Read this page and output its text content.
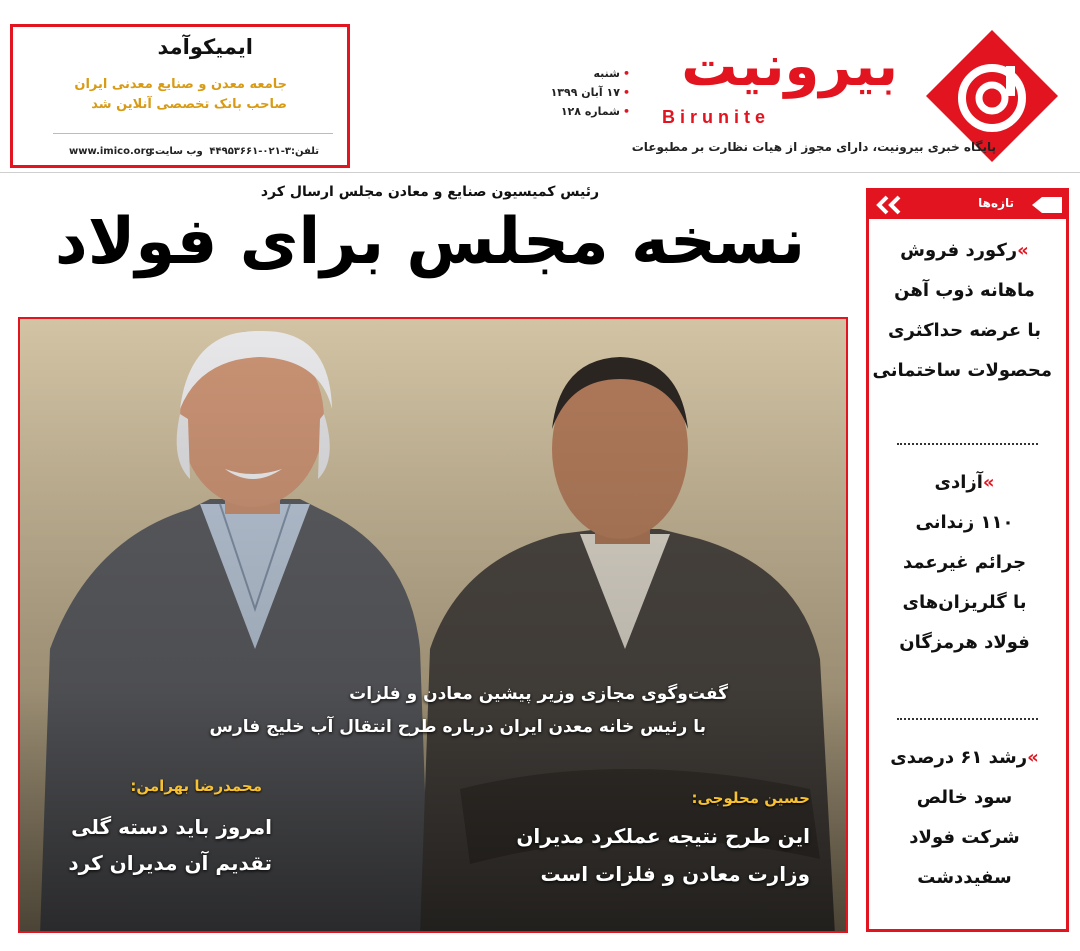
ایمیکوآمد
جامعه معدن و صنایع معدنی ایران
صاحب بانک تخصصی آنلاین شد
تلفن:۳-۰۲۱-۴۴۹۵۳۶۶۱
وب سایت:
www.imico.org
•شنبه
•۱۷ آبان ۱۳۹۹
•شماره ۱۲۸
بیرونیت
Birunite
پایگاه خبری بیرونیت، دارای مجوز از هیات نظارت بر مطبوعات
رئیس کمیسیون صنایع و معادن مجلس ارسال کرد
نسخه مجلس برای فولاد
گفت‌وگوی مجازی وزیر پیشین معادن و فلزات
با رئیس خانه معدن ایران درباره طرح انتقال آب خلیج فارس
محمدرضا بهرامن:
امروز باید دسته گلی
تقدیم آن مدیران کرد
حسین محلوجی:
این طرح نتیجه عملکرد مدیران
وزارت معادن و فلزات است
تازه‌ها
»رکورد فروش
ماهانه ذوب آهن
با عرضه حداکثری
محصولات ساختمانی
»آزادی
۱۱۰ زندانی
جرائم غیرعمد
با گلریزان‌های
فولاد هرمزگان
»رشد ۶۱ درصدی
سود خالص
شرکت فولاد
سفیددشت
